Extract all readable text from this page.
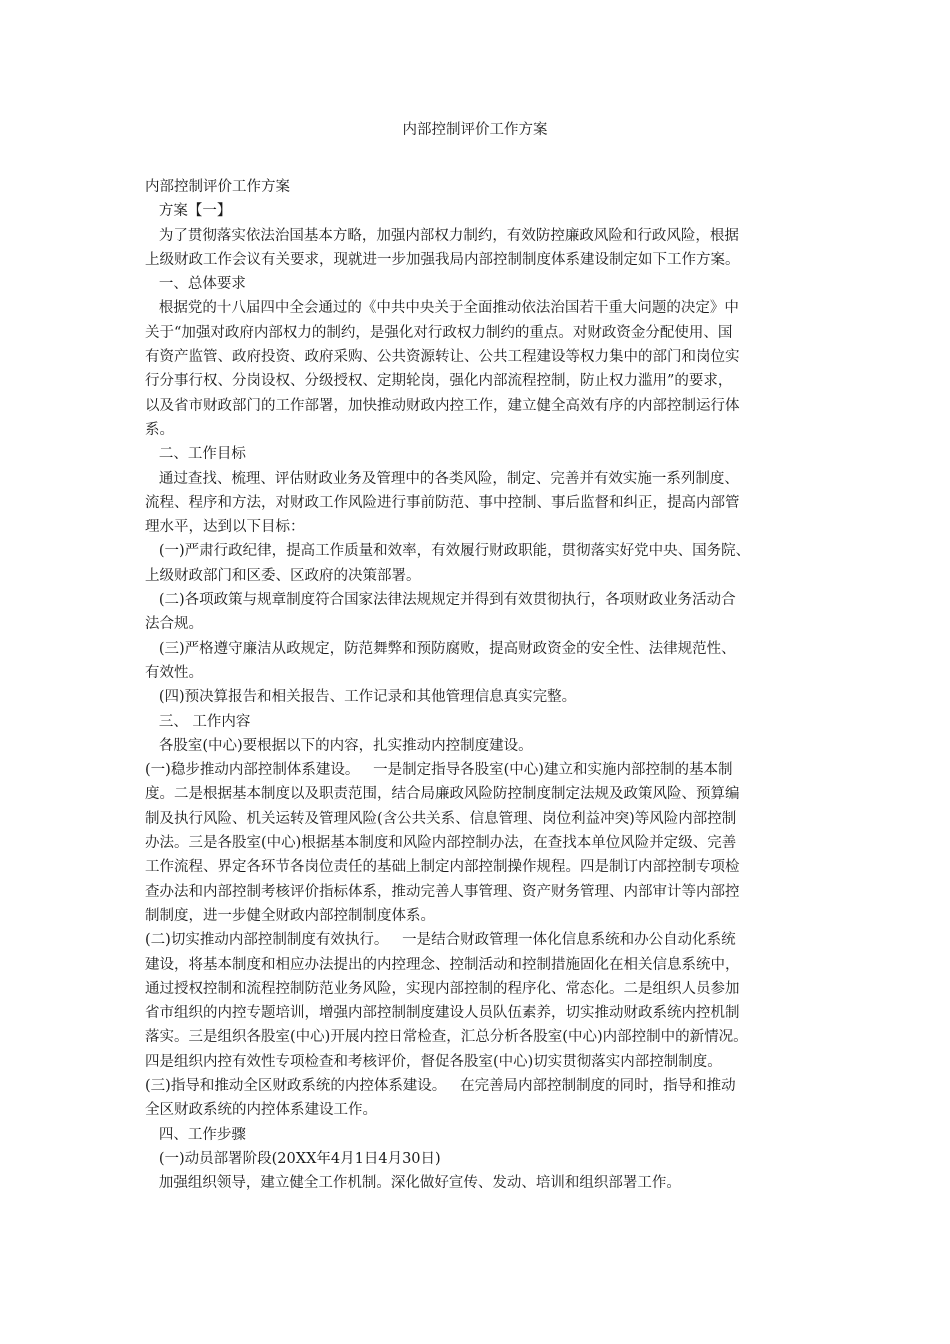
内部控制评价工作方案
内部控制评价工作方案
方案【一】
为了贯彻落实依法治国基本方略，加强内部权力制约，有效防控廉政风险和行政风险，根据
上级财政工作会议有关要求，现就进一步加强我局内部控制制度体系建设制定如下工作方案。
一、总体要求
根据党的十八届四中全会通过的《中共中央关于全面推动依法治国若干重大问题的决定》中
关于“加强对政府内部权力的制约，是强化对行政权力制约的重点。对财政资金分配使用、国
有资产监管、政府投资、政府采购、公共资源转让、公共工程建设等权力集中的部门和岗位实
行分事行权、分岗设权、分级授权、定期轮岗，强化内部流程控制，防止权力滥用”的要求，
以及省市财政部门的工作部署，加快推动财政内控工作，建立健全高效有序的内部控制运行体
系。
二、工作目标
通过查找、梳理、评估财政业务及管理中的各类风险，制定、完善并有效实施一系列制度、
流程、程序和方法，对财政工作风险进行事前防范、事中控制、事后监督和纠正，提高内部管
理水平，达到以下目标：
(一)严肃行政纪律，提高工作质量和效率，有效履行财政职能，贯彻落实好党中央、国务院、
上级财政部门和区委、区政府的决策部署。
(二)各项政策与规章制度符合国家法律法规规定并得到有效贯彻执行，各项财政业务活动合
法合规。
(三)严格遵守廉洁从政规定，防范舞弊和预防腐败，提高财政资金的安全性、法律规范性、
有效性。
(四)预决算报告和相关报告、工作记录和其他管理信息真实完整。
三、 工作内容
各股室(中心)要根据以下的内容，扎实推动内控制度建设。
(一)稳步推动内部控制体系建设。   一是制定指导各股室(中心)建立和实施内部控制的基本制
度。二是根据基本制度以及职责范围，结合局廉政风险防控制度制定法规及政策风险、预算编
制及执行风险、机关运转及管理风险(含公共关系、信息管理、岗位利益冲突)等风险内部控制
办法。三是各股室(中心)根据基本制度和风险内部控制办法，在查找本单位风险并定级、完善
工作流程、界定各环节各岗位责任的基础上制定内部控制操作规程。四是制订内部控制专项检
查办法和内部控制考核评价指标体系，推动完善人事管理、资产财务管理、内部审计等内部控
制制度，进一步健全财政内部控制制度体系。
(二)切实推动内部控制制度有效执行。   一是结合财政管理一体化信息系统和办公自动化系统
建设，将基本制度和相应办法提出的内控理念、控制活动和控制措施固化在相关信息系统中，
通过授权控制和流程控制防范业务风险，实现内部控制的程序化、常态化。二是组织人员参加
省市组织的内控专题培训，增强内部控制制度建设人员队伍素养，切实推动财政系统内控机制
落实。三是组织各股室(中心)开展内控日常检查，汇总分析各股室(中心)内部控制中的新情况。
四是组织内控有效性专项检查和考核评价，督促各股室(中心)切实贯彻落实内部控制制度。
(三)指导和推动全区财政系统的内控体系建设。   在完善局内部控制制度的同时，指导和推动
全区财政系统的内控体系建设工作。
四、工作步骤
(一)动员部署阶段(20XX年4月1日4月30日)
加强组织领导，建立健全工作机制。深化做好宣传、发动、培训和组织部署工作。
